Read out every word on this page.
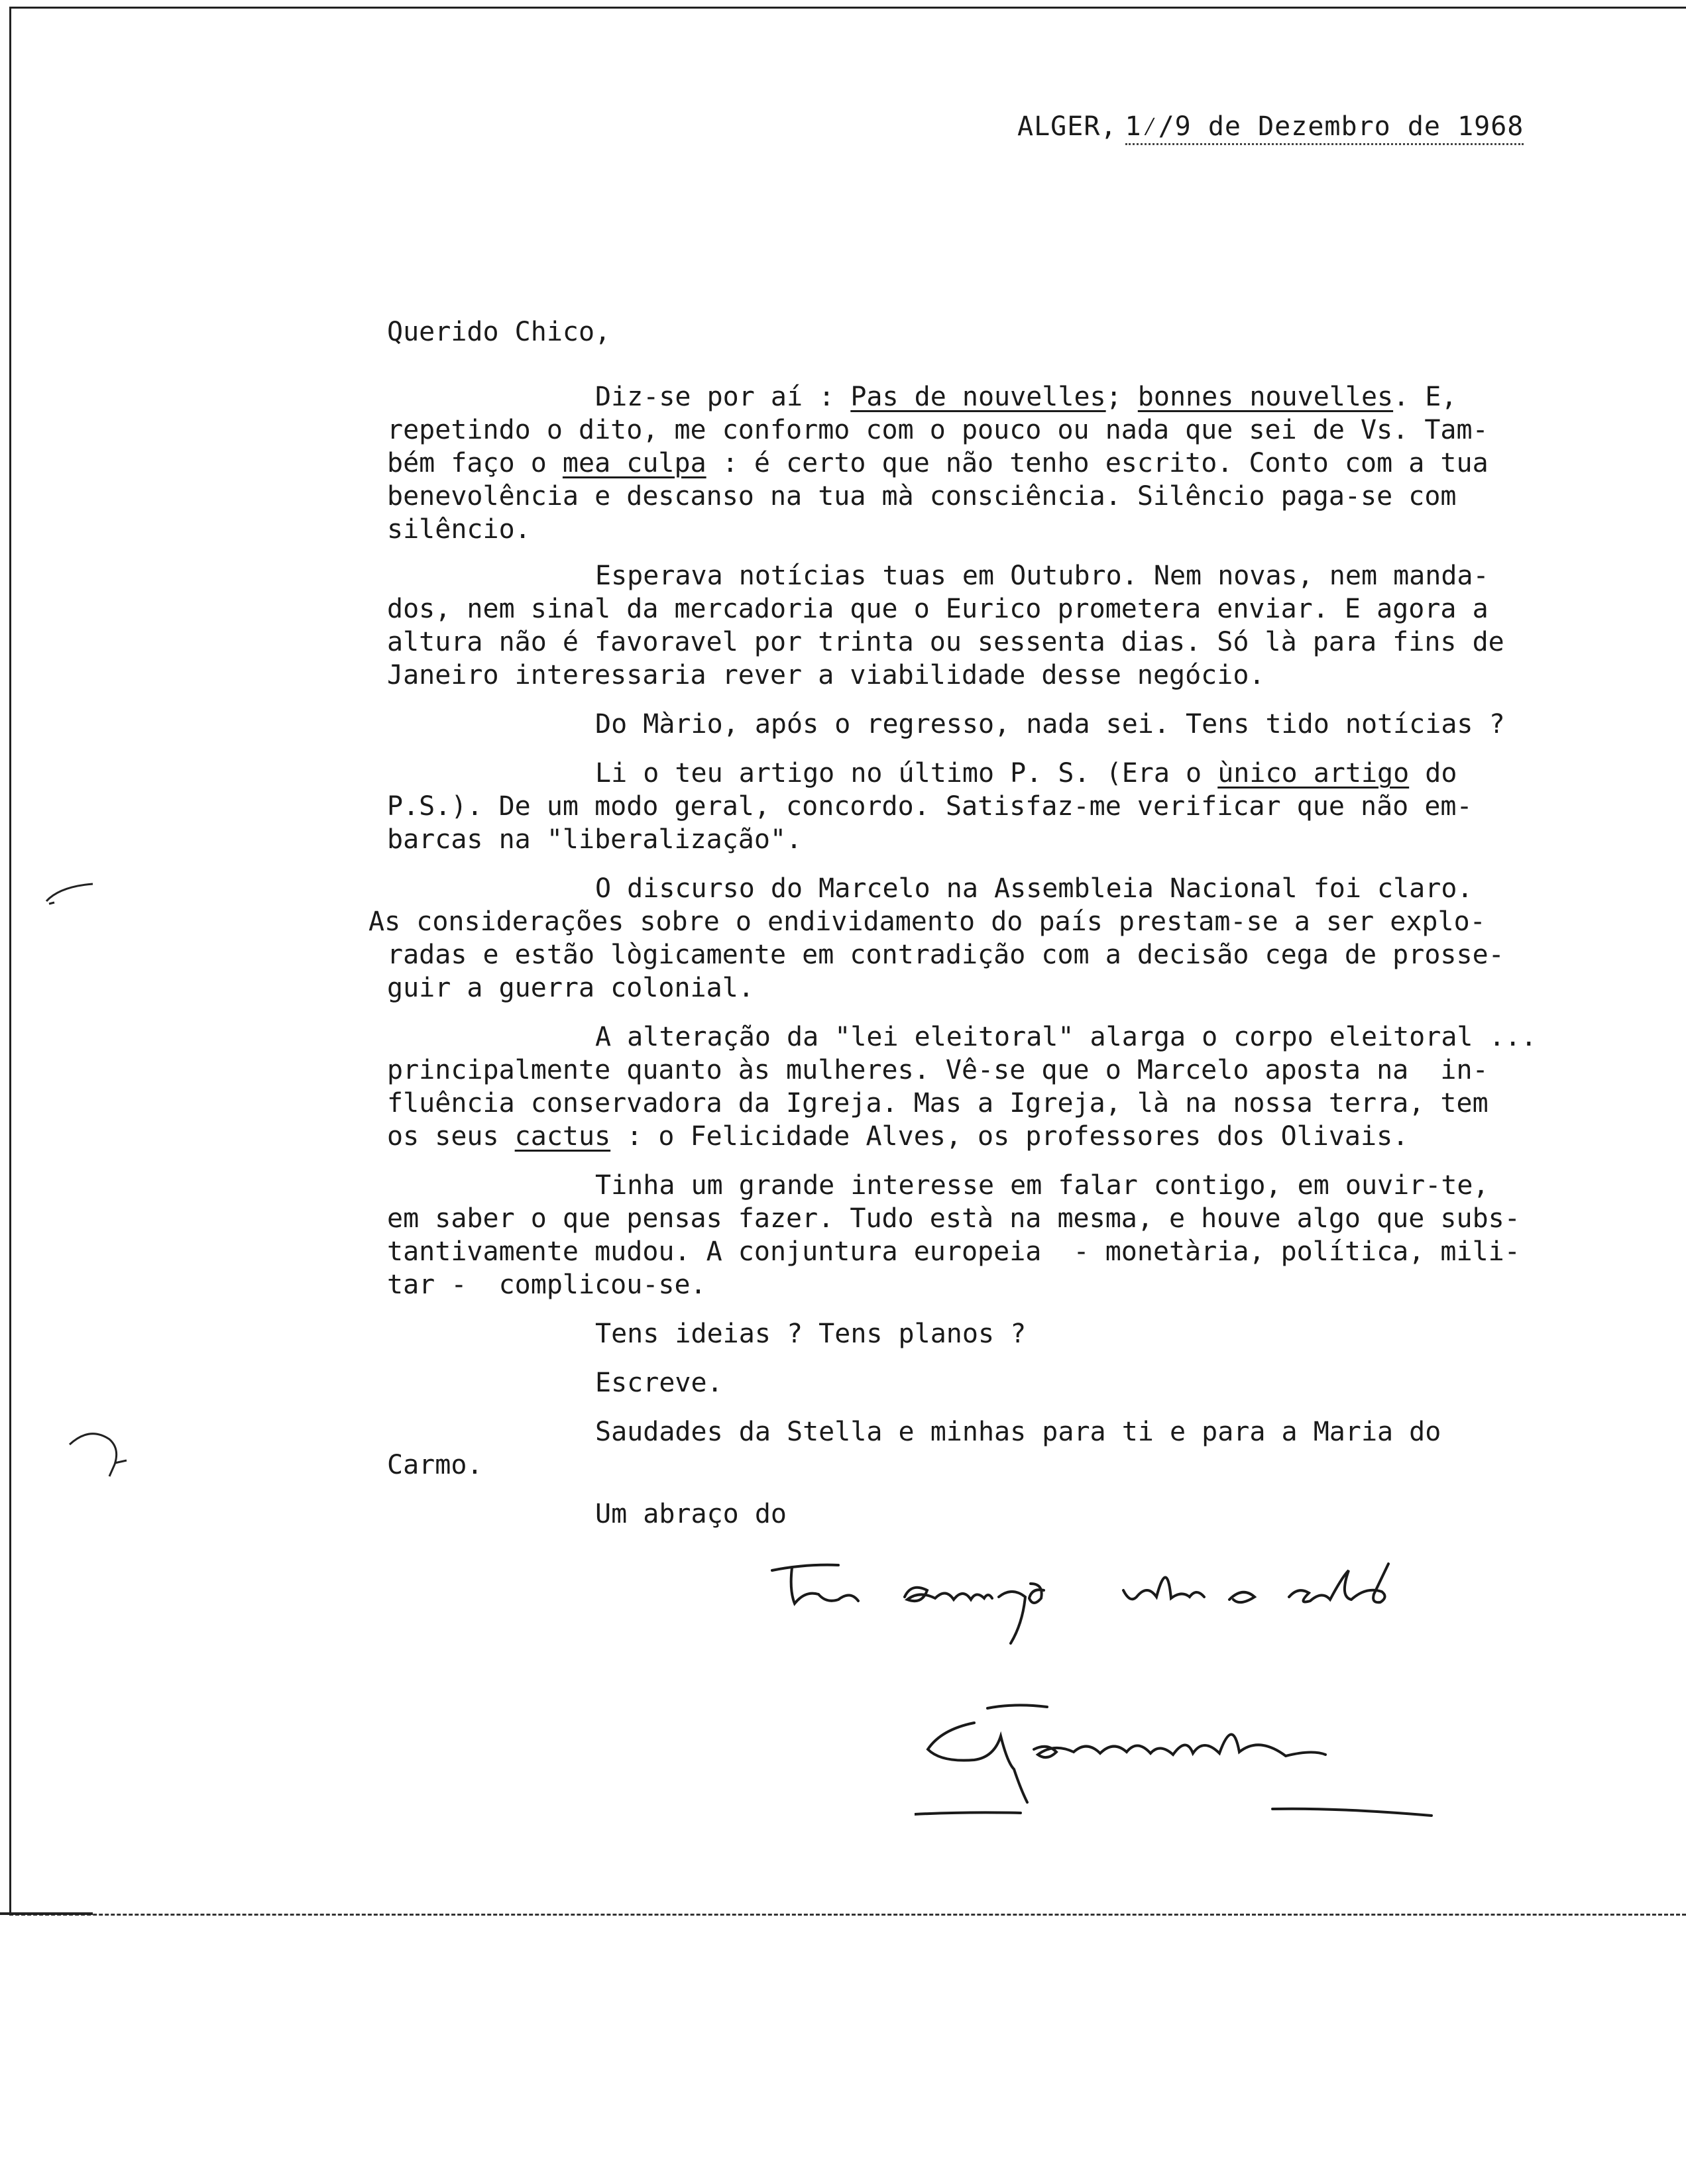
ALGER, 1⁄/9 de Dezembro de 1968
Querido Chico,
Diz-se por aí : Pas de nouvelles; bonnes nouvelles. E,
repetindo o dito, me conformo com o pouco ou nada que sei de Vs. Tam-
bém faço o mea culpa : é certo que não tenho escrito. Conto com a tua
benevolência e descanso na tua mà consciência. Silêncio paga-se com
silêncio.
Esperava notícias tuas em Outubro. Nem novas, nem manda-
dos, nem sinal da mercadoria que o Eurico prometera enviar. E agora a
altura não é favoravel por trinta ou sessenta dias. Só là para fins de
Janeiro interessaria rever a viabilidade desse negócio.
Do Màrio, após o regresso, nada sei. Tens tido notícias ?
Li o teu artigo no último P. S. (Era o ùnico artigo do
P.S.). De um modo geral, concordo. Satisfaz-me verificar que não em-
barcas na "liberalização".
O discurso do Marcelo na Assembleia Nacional foi claro.
As considerações sobre o endividamento do país prestam-se a ser explo-
radas e estão lògicamente em contradição com a decisão cega de prosse-
guir a guerra colonial.
A alteração da "lei eleitoral" alarga o corpo eleitoral ...
principalmente quanto às mulheres. Vê-se que o Marcelo aposta na  in-
fluência conservadora da Igreja. Mas a Igreja, là na nossa terra, tem
os seus cactus : o Felicidade Alves, os professores dos Olivais.
Tinha um grande interesse em falar contigo, em ouvir-te,
em saber o que pensas fazer. Tudo està na mesma, e houve algo que subs-
tantivamente mudou. A conjuntura europeia  - monetària, política, mili-
tar -  complicou-se.
Tens ideias ? Tens planos ?
Escreve.
Saudades da Stella e minhas para ti e para a Maria do
Carmo.
Um abraço do
